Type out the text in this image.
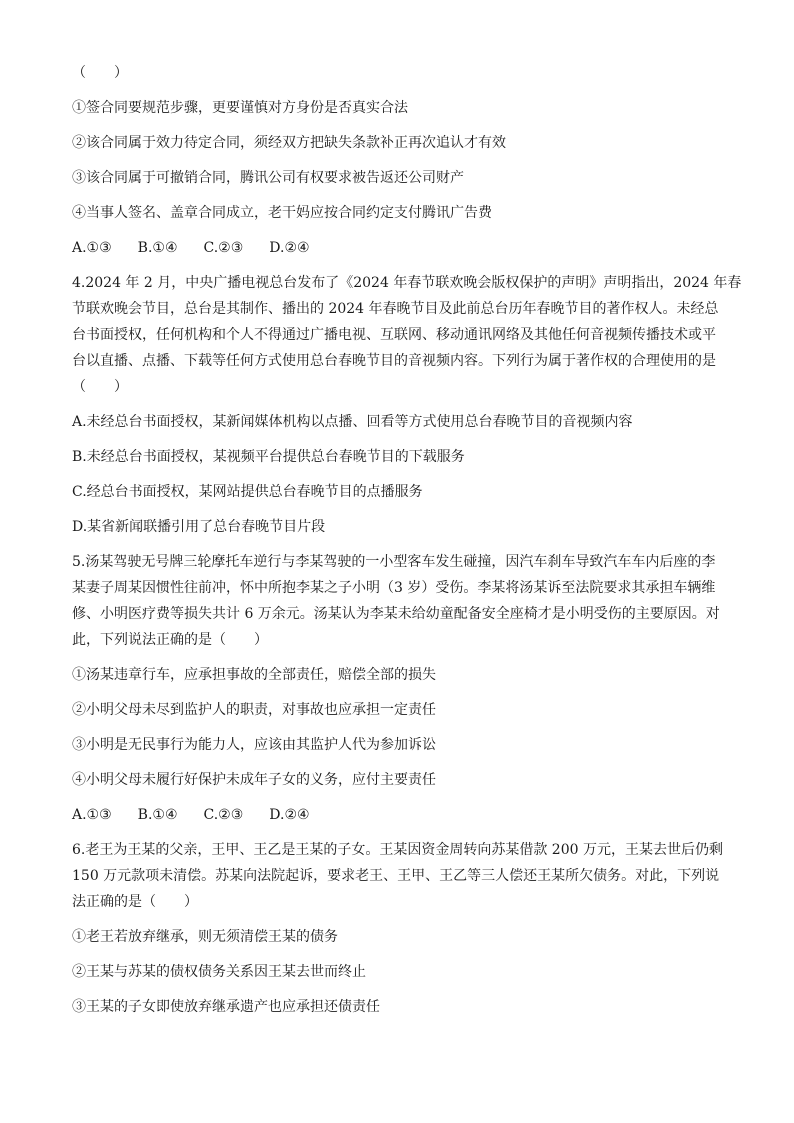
（　　）

①签合同要规范步骤，更要谨慎对方身份是否真实合法

②该合同属于效力待定合同，须经双方把缺失条款补正再次追认才有效

③该合同属于可撤销合同，腾讯公司有权要求被告返还公司财产

④当事人签名、盖章合同成立，老干妈应按合同约定支付腾讯广告费

A.①③ B.①④ C.②③ D.②④

4.2024 年 2 月，中央广播电视总台发布了《2024 年春节联欢晚会版权保护的声明》声明指出，2024 年春

节联欢晚会节目，总台是其制作、播出的 2024 年春晚节目及此前总台历年春晚节目的著作权人。未经总

台书面授权，任何机构和个人不得通过广播电视、互联网、移动通讯网络及其他任何音视频传播技术或平

台以直播、点播、下载等任何方式使用总台春晚节目的音视频内容。下列行为属于著作权的合理使用的是

（　　）

A.未经总台书面授权，某新闻媒体机构以点播、回看等方式使用总台春晚节目的音视频内容

B.未经总台书面授权，某视频平台提供总台春晚节目的下载服务

C.经总台书面授权，某网站提供总台春晚节目的点播服务

D.某省新闻联播引用了总台春晚节目片段

5.汤某驾驶无号牌三轮摩托车逆行与李某驾驶的一小型客车发生碰撞，因汽车刹车导致汽车车内后座的李

某妻子周某因惯性往前冲，怀中所抱李某之子小明（3 岁）受伤。李某将汤某诉至法院要求其承担车辆维

修、小明医疗费等损失共计 6 万余元。汤某认为李某未给幼童配备安全座椅才是小明受伤的主要原因。对

此，下列说法正确的是（　　）

①汤某违章行车，应承担事故的全部责任，赔偿全部的损失

②小明父母未尽到监护人的职责，对事故也应承担一定责任

③小明是无民事行为能力人，应该由其监护人代为参加诉讼

④小明父母未履行好保护未成年子女的义务，应付主要责任

A.①③ B.①④ C.②③ D.②④

6.老王为王某的父亲，王甲、王乙是王某的子女。王某因资金周转向苏某借款 200 万元，王某去世后仍剩

150 万元款项未清偿。苏某向法院起诉，要求老王、王甲、王乙等三人偿还王某所欠债务。对此，下列说

法正确的是（　　）

①老王若放弃继承，则无须清偿王某的债务

②王某与苏某的债权债务关系因王某去世而终止

③王某的子女即使放弃继承遗产也应承担还债责任
